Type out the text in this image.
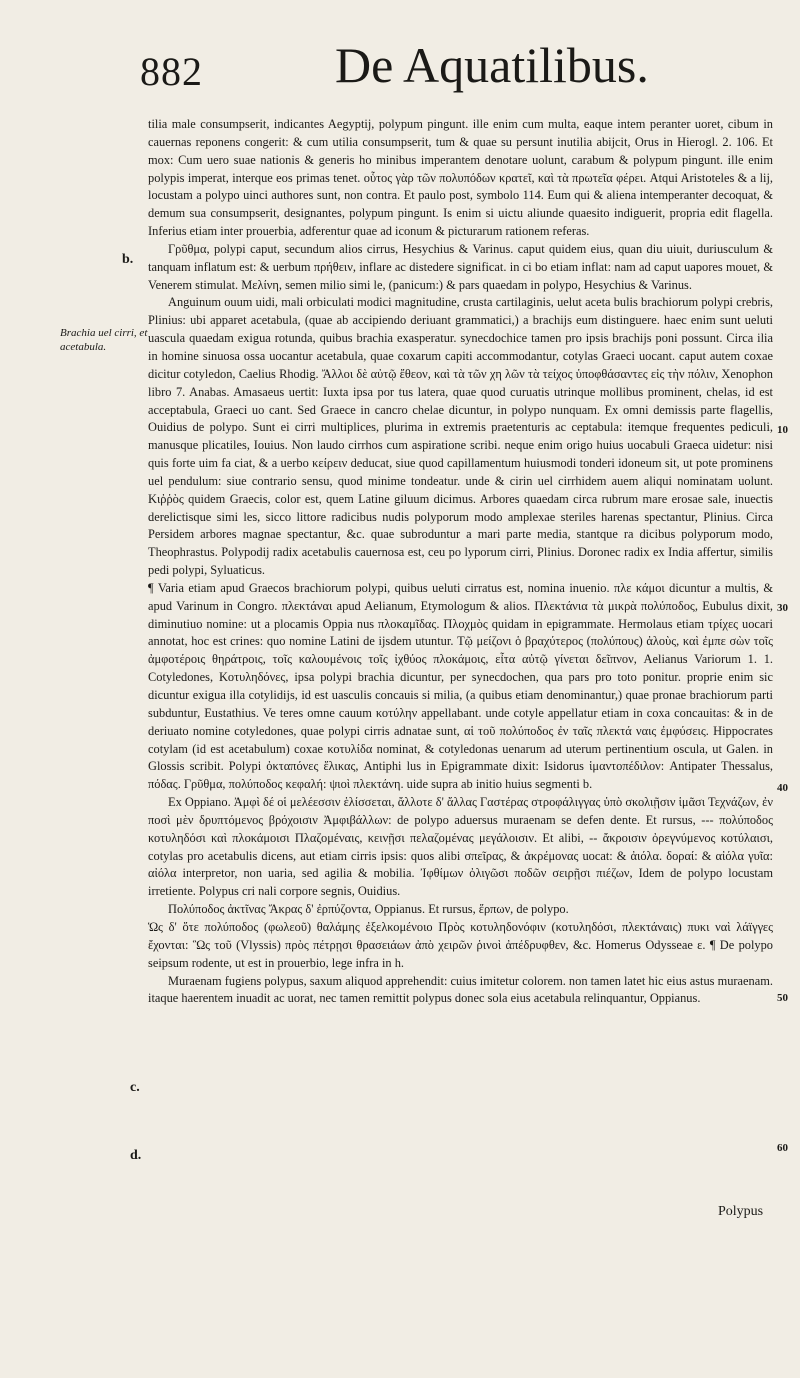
882	De Aquatilibus.

tilia male consumpserit, indicantes Aegyptij, polypum pingunt. ille enim cum multa, eaque intem peranter uoret, cibum in cauernas reponens congerit: & cum utilia consumpserit, tum & quae su persunt inutilia abijcit, Orus in Hierogl. 2. 106. Et mox: Cum uero suae nationis & generis ho minibus imperantem denotare uolunt, carabum & polypum pingunt. ille enim polypis imperat, interque eos primas tenet. οὗτος γὰρ τῶν πολυπόδων κρατεῖ, καὶ τὰ πρωτεῖα φέρει. Atqui Aristoteles & a lij, locustam a polypo uinci authores sunt, non contra. Et paulo post, symbolo 114. Eum qui & aliena intemperanter decoquat, & demum sua consumpserit, designantes, polypum pingunt. Is enim si uictu aliunde quaesito indiguerit, propria edit flagella. Inferius etiam inter prouerbia, adferentur quae ad iconum & picturarum rationem referas.

Γρῦθμα, polypi caput, secundum alios cirrus, Hesychius & Varinus. caput quidem eius, quan diu uiuit, duriusculum & tanquam inflatum est: & uerbum πρήθειν, inflare ac distedere significat. in ci bo etiam inflat: nam ad caput uapores mouet, & Venerem stimulat. Μελίνη, semen milio simi le, (panicum:) & pars quaedam in polypo, Hesychius & Varinus.

Anguinum ouum uidi, mali orbiculati modici magnitudine, crusta cartilaginis, uelut aceta bulis brachiorum polypi crebris, Plinius: ubi apparet acetabula, (quae ab accipiendo deriuant grammatici,) a brachijs eum distinguere. haec enim sunt ueluti uascula quaedam exigua rotunda, quibus brachia exasperatur. synecdochice tamen pro ipsis brachijs poni possunt. Circa ilia in homine sinuosa ossa uocantur acetabula, quae coxarum capiti accommodantur, cotylas Graeci uocant. caput autem coxae dicitur cotyledon, Caelius Rhodig. Ἄλλοι δὲ αὐτῷ ἔθεον, καὶ τὰ τῶν χη λῶν τὰ τείχος ὑποφθάσαντες εἰς τὴν πόλιν, Xenophon libro 7. Anabas. Amasaeus uertit: Iuxta ipsa por tus latera, quae quod curuatis utrinque mollibus prominent, chelas, id est acceptabula, Graeci uo cant. Sed Graece in cancro chelae dicuntur, in polypo nunquam. Ex omni demissis parte flagellis, Ouidius de polypo. Sunt ei cirri multiplices, plurima in extremis praetenturis ac ceptabula: itemque frequentes pediculi, manusque plicatiles, Iouius. Non laudo cirrhos cum aspiratione scribi. neque enim origo huius uocabuli Graeca uidetur: nisi quis forte uim fa ciat, & a uerbo κείρειν deducat, siue quod capillamentum huiusmodi tonderi idoneum sit, ut pote prominens uel pendulum: siue contrario sensu, quod minime tondeatur. unde & cirin uel cirrhidem auem aliqui nominatam uolunt. Κιῤῥὸς quidem Graecis, color est, quem Latine giluum dicimus. Arbores quaedam circa rubrum mare erosae sale, inuectis derelictisque simi les, sicco littore radicibus nudis polyporum modo amplexae steriles harenas spectantur, Plinius. Circa Persidem arbores magnae spectantur, &c. quae subroduntur a mari parte media, stantque ra dicibus polyporum modo, Theophrastus. Polypodij radix acetabulis cauernosa est, ceu po lyporum cirri, Plinius. Doronec radix ex India affertur, similis pedi polypi, Syluaticus.

¶ Varia etiam apud Graecos brachiorum polypi, quibus ueluti cirratus est, nomina inuenio. πλε κάμοι dicuntur a multis, & apud Varinum in Congro. πλεκτάναι apud Aelianum, Etymologum & alios. Πλεκτάνια τὰ μικρὰ πολύποδος, Eubulus dixit, diminutiuo nomine: ut a plocamis Oppia nus πλοκαμῖδας. Πλοχμὸς quidam in epigrammate. Hermolaus etiam τρίχες uocari annotat, hoc est crines: quo nomine Latini de ijsdem utuntur. Τῷ μείζονι ὁ βραχύτερος (πολύπους) ἀλοὺς, καὶ ἐμπε σὼν τοῖς ἀμφοτέροις θηράτροις, τοῖς καλουμένοις τοῖς ἰχθύος πλοκάμοις, εἶτα αὐτῷ γίνεται δεῖπνον, Aelianus Variorum 1. 1. Cotyledones, Κοτυληδόνες, ipsa polypi brachia dicuntur, per synecdochen, qua pars pro toto ponitur. proprie enim sic dicuntur exigua illa cotylidijs, id est uasculis concauis si milia, (a quibus etiam denominantur,) quae pronae brachiorum parti subduntur, Eustathius. Ve teres omne cauum κοτύλην appellabant. unde cotyle appellatur etiam in coxa concauitas: & in de deriuato nomine cotyledones, quae polypi cirris adnatae sunt, αἱ τοῦ πολύποδος ἐν ταῖς πλεκτά ναις ἐμφύσεις. Hippocrates cotylam (id est acetabulum) coxae κοτυλίδα nominat, & cotyledonas uenarum ad uterum pertinentium oscula, ut Galen. in Glossis scribit. Polypi ὀκταπόνες ἕλικας, Antiphi lus in Epigrammate dixit: Isidorus ἱμαντοπέδιλον: Antipater Thessalus, πόδας. Γρῦθμα, πολύποδος κεφαλή: ψιοὶ πλεκτάνη. uide supra ab initio huius segmenti b.

Ex Oppiano. Ἀμφὶ δέ οἱ μελέεσσιν ἑλίσσεται, ἄλλοτε δ' ἄλλας Γαστέρας στροφάλιγγας ὑπὸ σκολιῇσιν ἱμᾶσι Τεχνάζων, ἐν ποσὶ μὲν δρυπτόμενος βρόχοισιν Ἀμφιβάλλων: de polypo aduersus muraenam se defen dente. Et rursus, --- πολύποδος κοτυληδόσι καὶ πλοκάμοισι Πλαζομέναις, κεινῇσι πελαζομένας μεγάλοισιν. Et alibi, -- ἄκροισιν ὀρεγνύμενος κοτύλαισι, cotylas pro acetabulis dicens, aut etiam cirris ipsis: quos alibi σπεῖρας, & ἀκρέμονας uocat: & ἀιόλα. δοραί: & αἰόλα γυῖα: αἰόλα interpretor, non uaria, sed agilia & mobilia. Ἰφθίμων ὀλιγῶσι ποδῶν σειρῇσι πιέζων, Idem de polypo locustam irretiente. Polypus cri nali corpore segnis, Ouidius.

Πολύποδος ἀκτῖνας Ἄκρας δ' ἐρπύζοντα, Oppianus. Et rursus, ἕρπων, de polypo.

Ὡς δ' ὅτε πολύποδος (φωλεοῦ) θαλάμης ἐξελκομένοιο Πρὸς κοτυληδονόφιν (κοτυληδόσι, πλεκτάναις) πυκι ναὶ λάϊγγες ἔχονται: Ὣς τοῦ (Vlyssis) πρὸς πέτρῃσι θρασειάων ἀπὸ χειρῶν ῥινοὶ ἀπέδρυφθεν, &c. Homerus Odysseae ε. ¶ De polypo seipsum rodente, ut est in prouerbio, lege infra in h.

Muraenam fugiens polypus, saxum aliquod apprehendit: cuius imitetur colorem. non tamen latet hic eius astus muraenam. itaque haerentem inuadit ac uorat, nec tamen remittit polypus donec sola eius acetabula relinquantur, Oppianus.

b.
Brachia uel cirri, et acetabula.
c.
d.
10
30
40
50
60
Polypus
